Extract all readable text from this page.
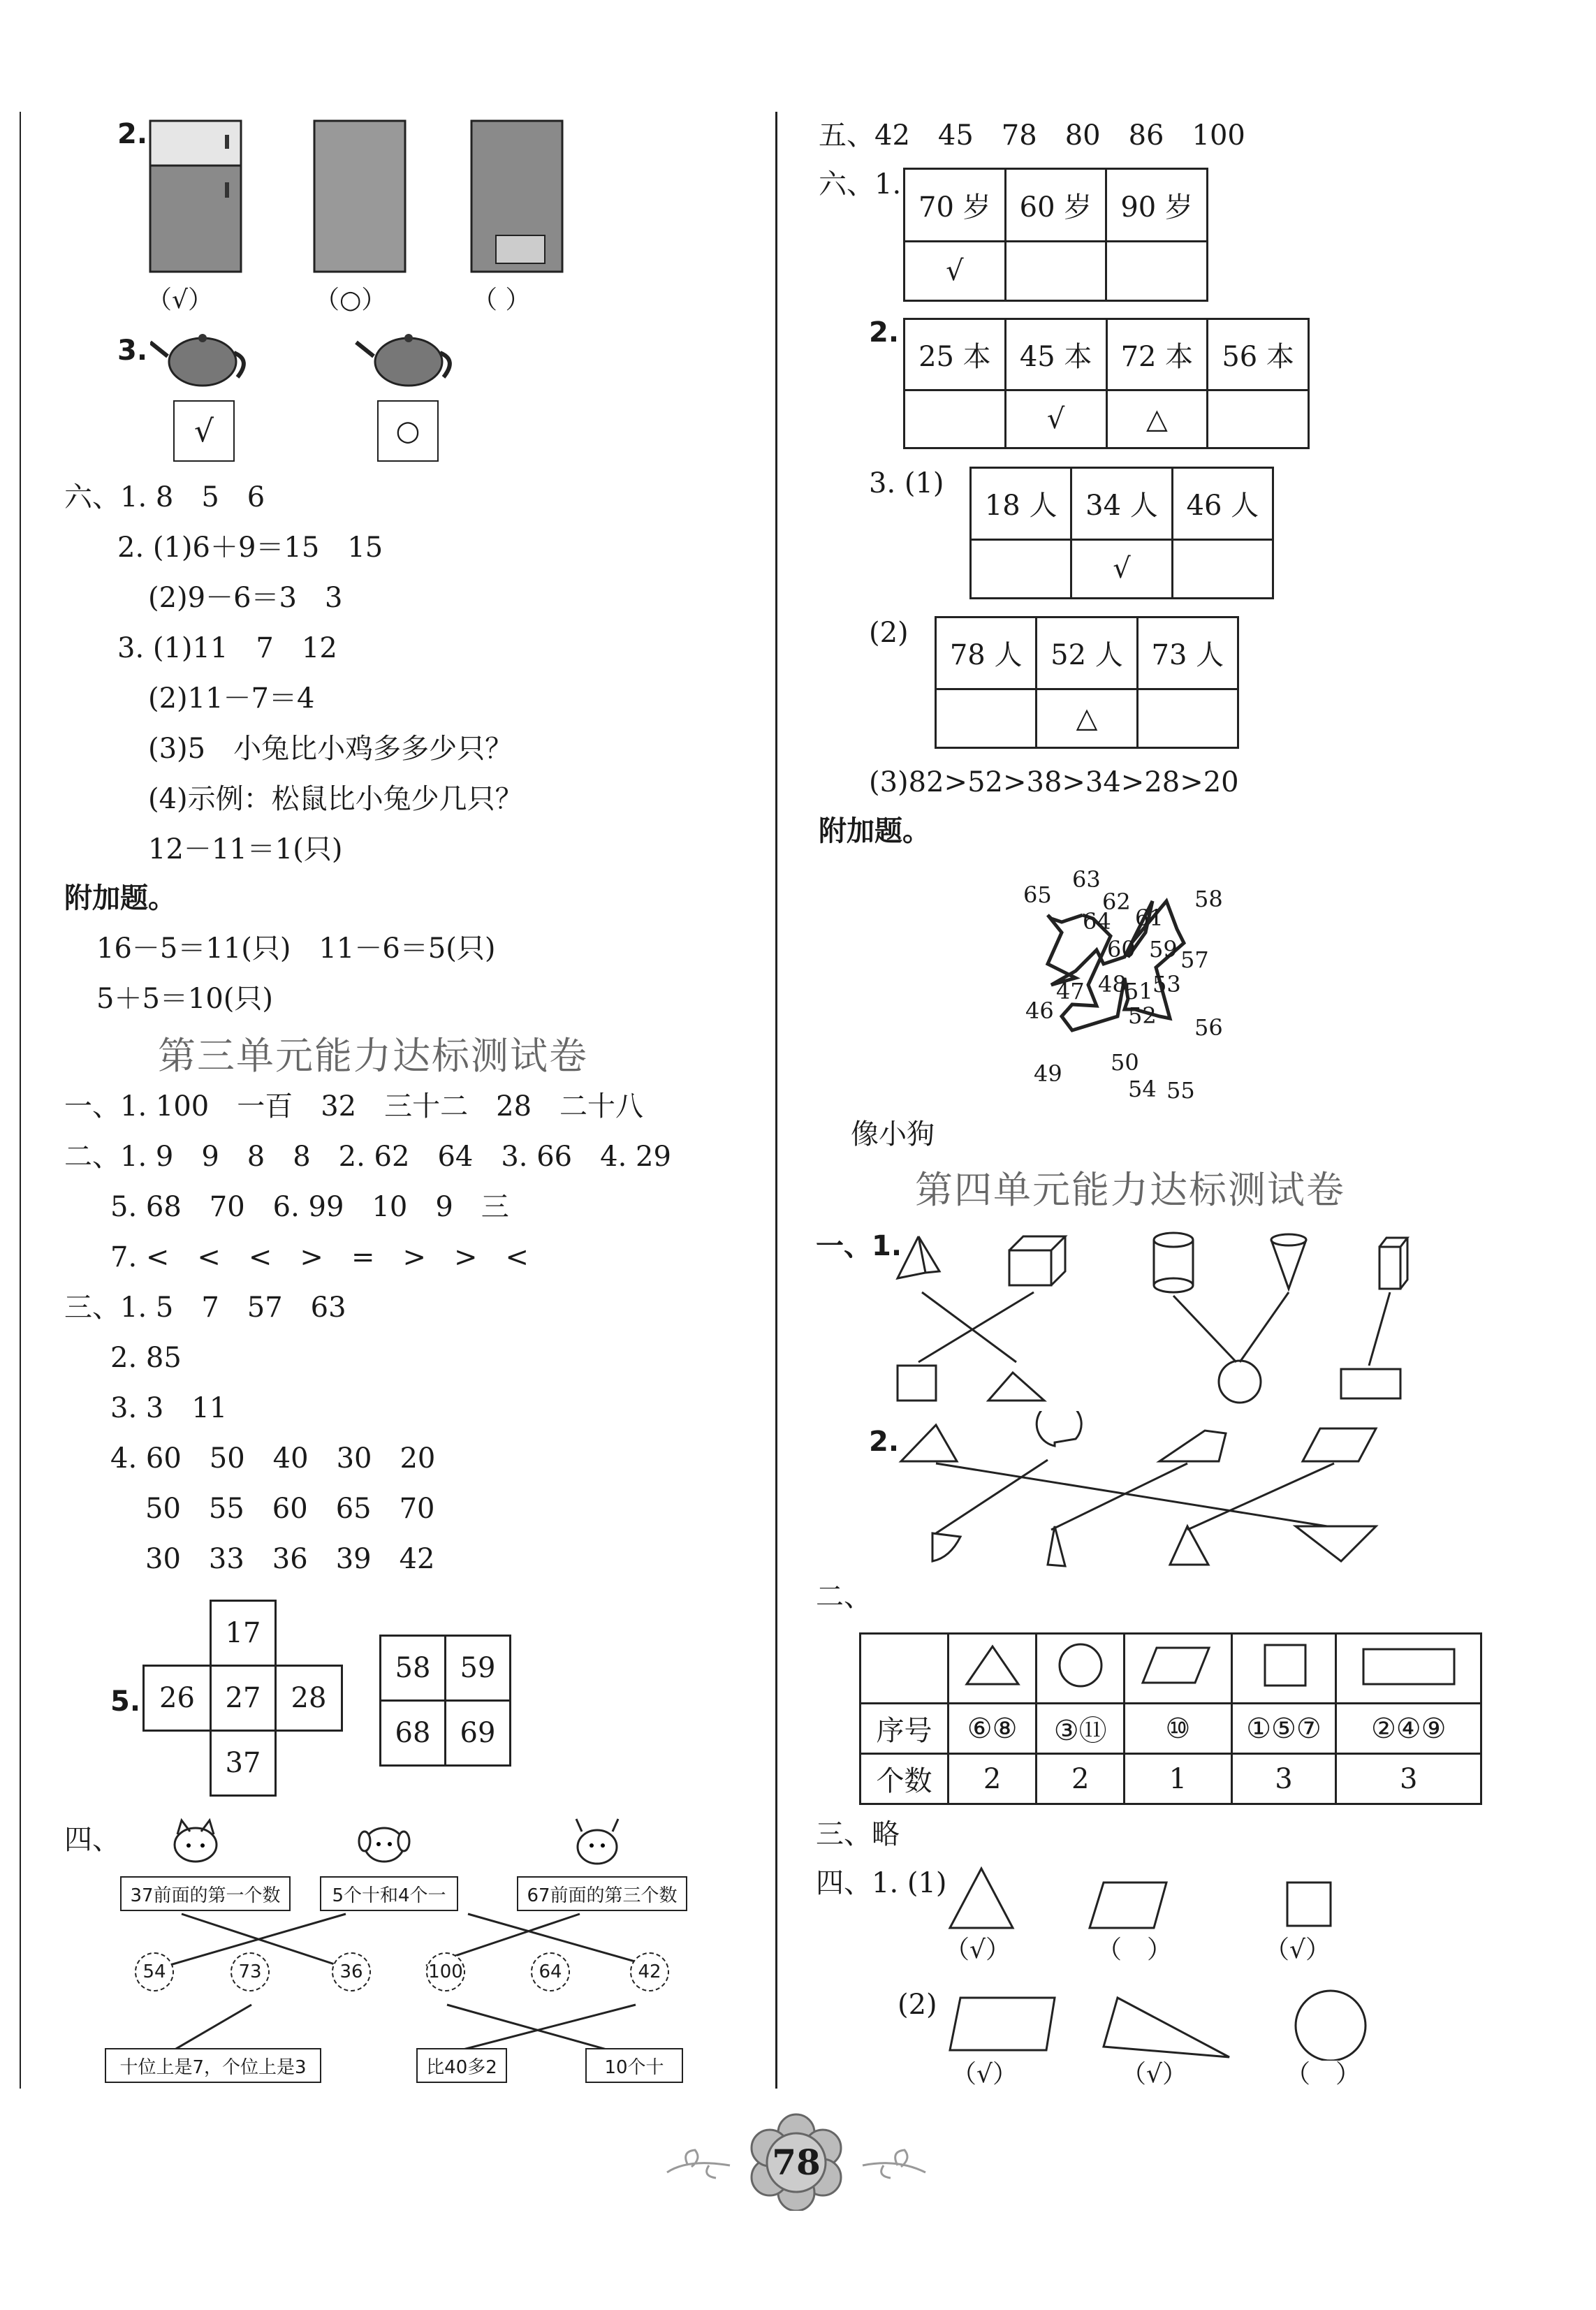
2.
（√）	（○）	（ ）
3.
√	○
六、1. 8　5　6
2. (1)6＋9＝15　15
(2)9－6＝3　3
3. (1)11　7　12
(2)11－7＝4
(3)5　小兔比小鸡多多少只？
(4)示例：松鼠比小兔少几只？
12－11＝1(只)
附加题。
16－5＝11(只)　11－6＝5(只)
5＋5＝10(只)
第三单元能力达标测试卷
一、1. 100　一百　32　三十二　28　二十八
二、1. 9　9　8　8　2. 62　64　3. 66　4. 29
5. 68　70　6. 99　10　9　三
7. <　<　<　>　=　>　>　<
三、1. 5　7　57　63
2. 85
3. 3　11
4. 60　50　40　30　20
50　55　60　65　70
30　33　36　39　42
5.
17
26	27	28
37
58	59
68	69
四、
37前面的第一个数	5个十和4个一	67前面的第三个数
54	73	36	100	64	42
十位上是7，个位上是3	比40多2	10个十
五、42　45　78　80　86　100
六、1.
70 岁	60 岁	90 岁
√		
2.
25 本	45 本	72 本	56 本
	√	△	
3. (1)
18 人	34 人	46 人
	√	
(2)
78 人	52 人	73 人
	△	
(3)82>52>38>34>28>20
附加题。
63
65 62
64 61
58
60 59 57
48 53
47 51
46	52 56
49 50
54 55
像小狗
第四单元能力达标测试卷
一、1.
2.
二、

序号	⑥⑧	③⑪	⑩	①⑤⑦	②④⑨
个数	2	2	1	3	3
三、略
四、1. (1)
（√）	（　）	（√）
(2)
（√）	（√）	（　）
78
